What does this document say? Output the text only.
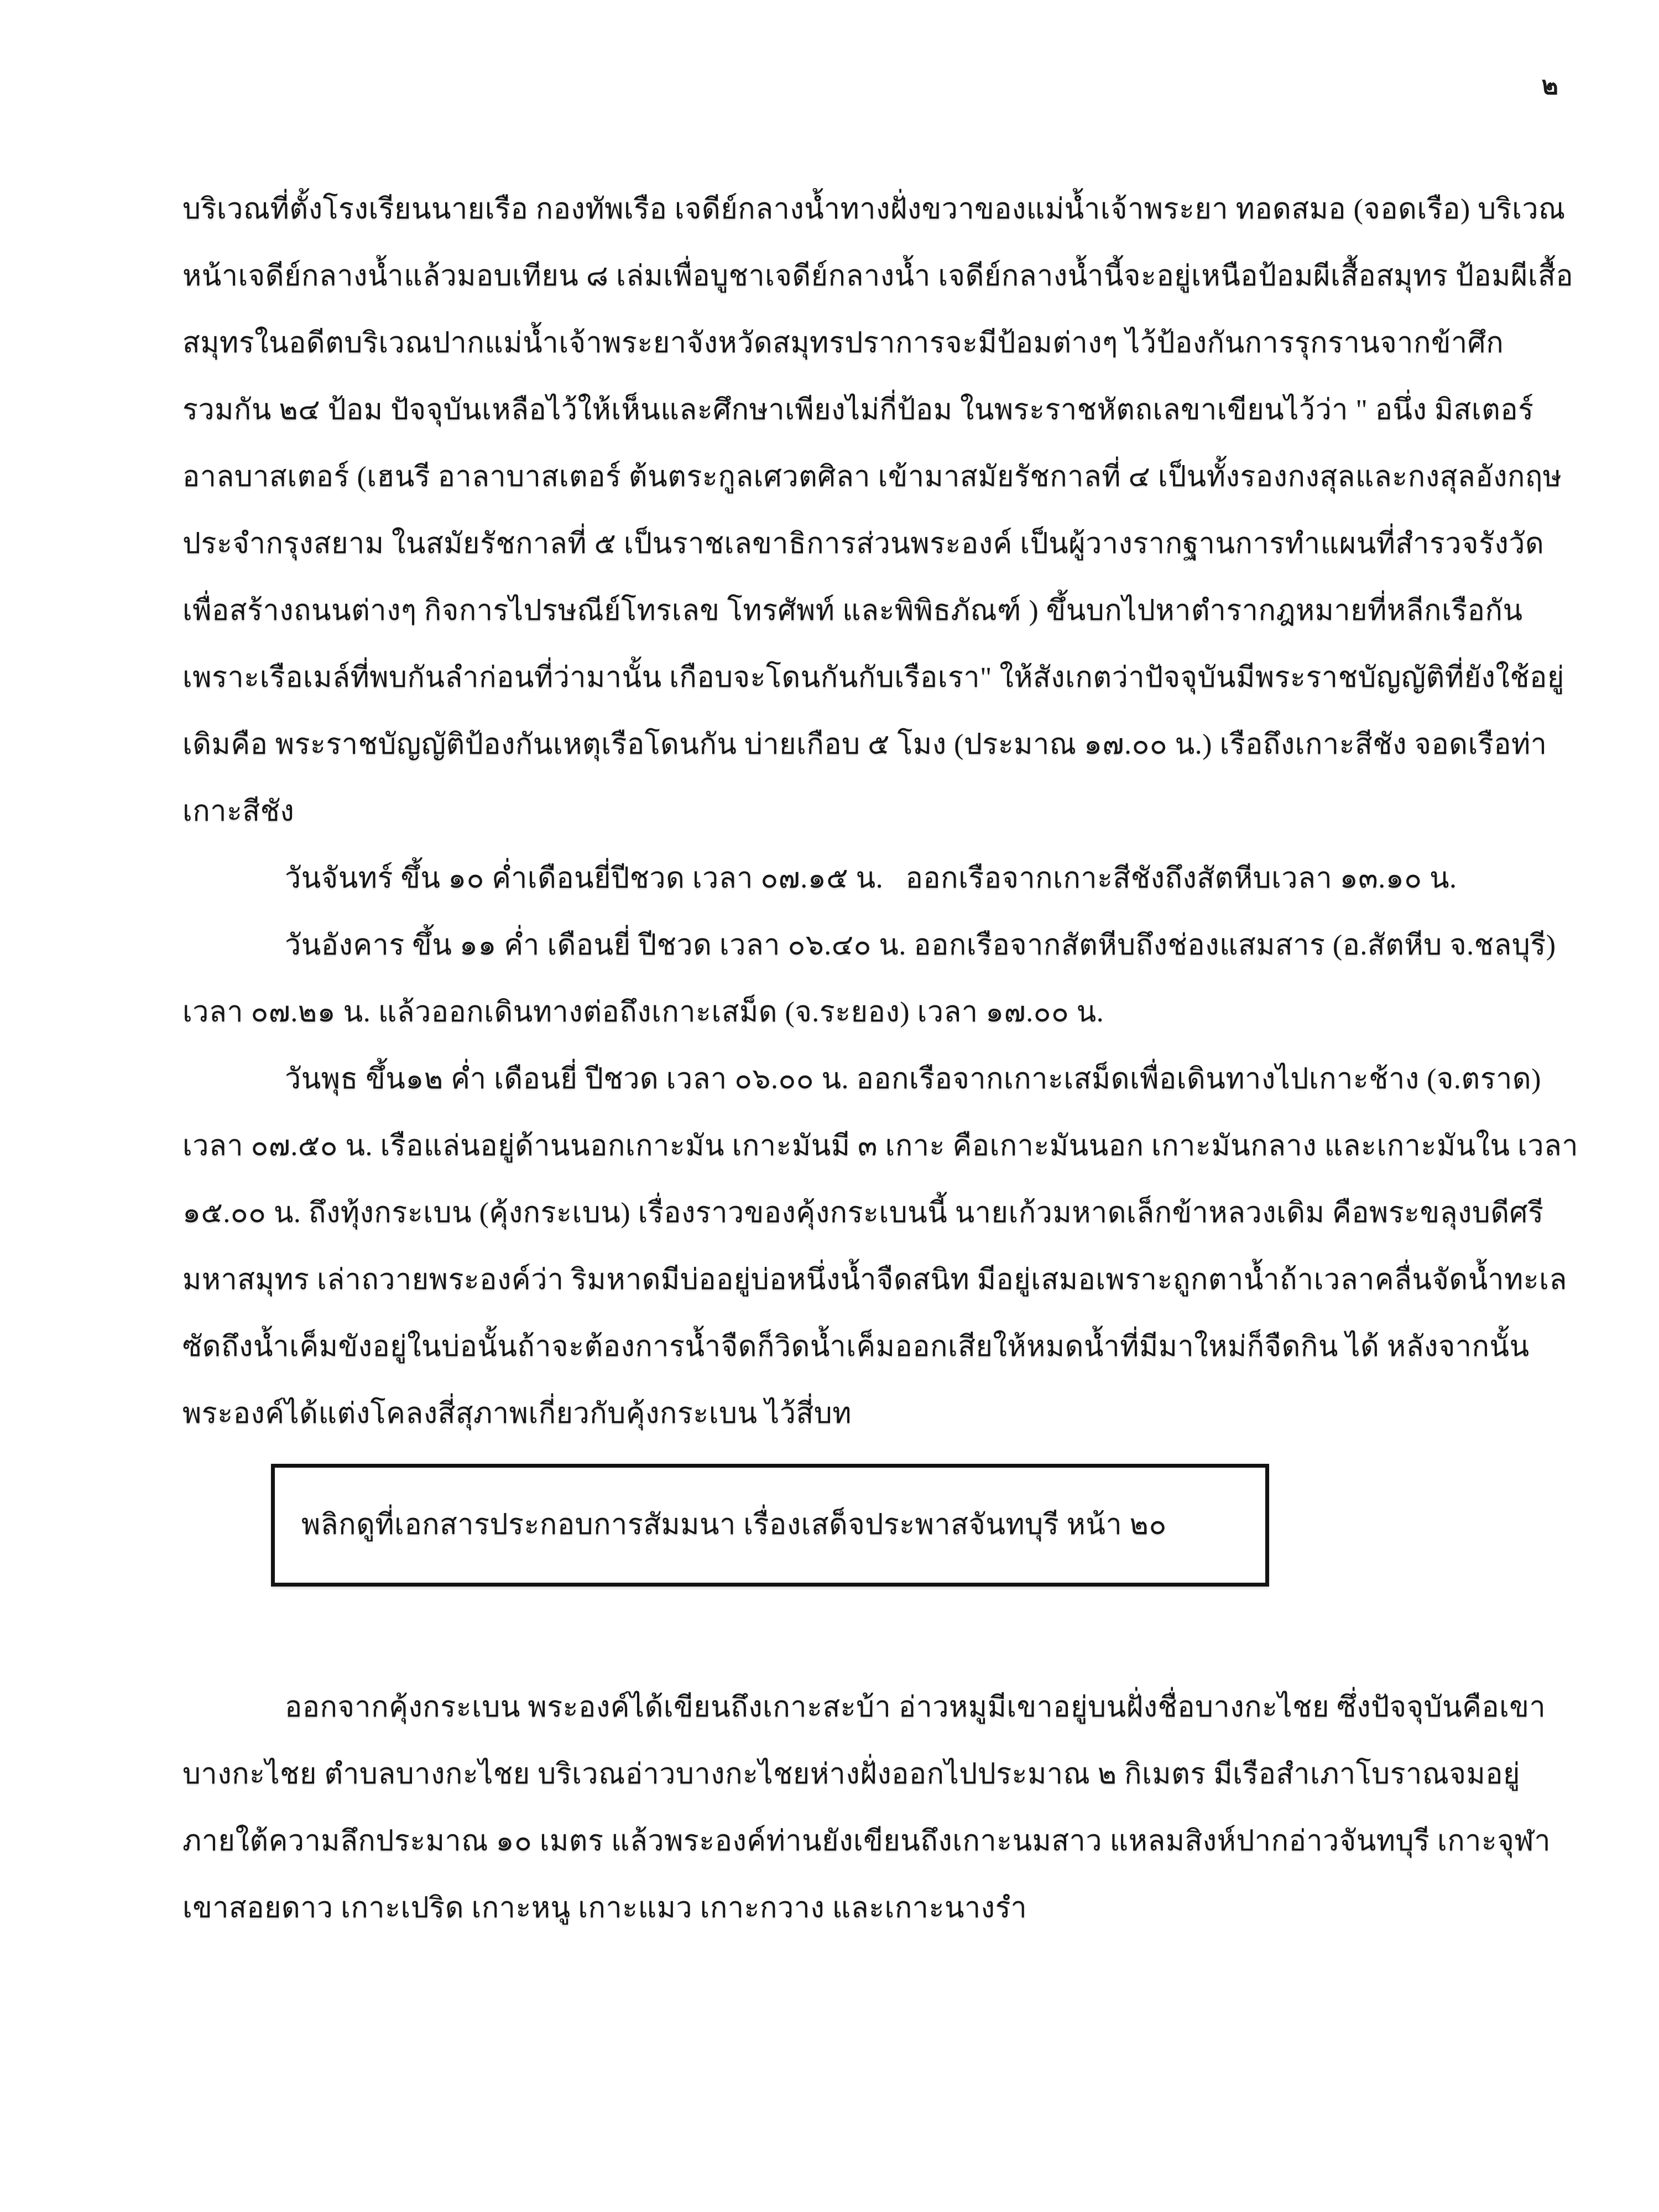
๒
บริเวณที่ตั้งโรงเรียนนายเรือ กองทัพเรือ เจดีย์กลางน้ำทางฝั่งขวาของแม่น้ำเจ้าพระยา ทอดสมอ (จอดเรือ) บริเวณ
หน้าเจดีย์กลางน้ำแล้วมอบเทียน ๘ เล่มเพื่อบูชาเจดีย์กลางน้ำ เจดีย์กลางน้ำนี้จะอยู่เหนือป้อมผีเสื้อสมุทร ป้อมผีเสื้อ
สมุทรในอดีตบริเวณปากแม่น้ำเจ้าพระยาจังหวัดสมุทรปราการจะมีป้อมต่างๆ ไว้ป้องกันการรุกรานจากข้าศึก
รวมกัน ๒๔ ป้อม ปัจจุบันเหลือไว้ให้เห็นและศึกษาเพียงไม่กี่ป้อม ในพระราชหัตถเลขาเขียนไว้ว่า " อนึ่ง มิสเตอร์
อาลบาสเตอร์ (เฮนรี อาลาบาสเตอร์ ต้นตระกูลเศวตศิลา เข้ามาสมัยรัชกาลที่ ๔ เป็นทั้งรองกงสุลและกงสุลอังกฤษ
ประจำกรุงสยาม ในสมัยรัชกาลที่ ๕ เป็นราชเลขาธิการส่วนพระองค์ เป็นผู้วางรากฐานการทำแผนที่สำรวจรังวัด
เพื่อสร้างถนนต่างๆ กิจการไปรษณีย์โทรเลข โทรศัพท์ และพิพิธภัณฑ์ ) ขึ้นบกไปหาตำรากฎหมายที่หลีกเรือกัน
เพราะเรือเมล์ที่พบกันลำก่อนที่ว่ามานั้น เกือบจะโดนกันกับเรือเรา" ให้สังเกตว่าปัจจุบันมีพระราชบัญญัติที่ยังใช้อยู่
เดิมคือ พระราชบัญญัติป้องกันเหตุเรือโดนกัน บ่ายเกือบ ๕ โมง (ประมาณ ๑๗.๐๐ น.) เรือถึงเกาะสีชัง จอดเรือท่า
เกาะสีชัง
วันจันทร์ ขึ้น ๑๐ ค่ำเดือนยี่ปีชวด เวลา ๐๗.๑๕ น.   ออกเรือจากเกาะสีชังถึงสัตหีบเวลา ๑๓.๑๐ น.
วันอังคาร ขึ้น ๑๑ ค่ำ เดือนยี่ ปีชวด เวลา ๐๖.๔๐ น. ออกเรือจากสัตหีบถึงช่องแสมสาร (อ.สัตหีบ จ.ชลบุรี)
เวลา ๐๗.๒๑ น. แล้วออกเดินทางต่อถึงเกาะเสม็ด (จ.ระยอง) เวลา ๑๗.๐๐ น.
วันพุธ ขึ้น๑๒ ค่ำ เดือนยี่ ปีชวด เวลา ๐๖.๐๐ น. ออกเรือจากเกาะเสม็ดเพื่อเดินทางไปเกาะช้าง (จ.ตราด)
เวลา ๐๗.๕๐ น. เรือแล่นอยู่ด้านนอกเกาะมัน เกาะมันมี ๓ เกาะ คือเกาะมันนอก เกาะมันกลาง และเกาะมันใน เวลา
๑๕.๐๐ น. ถึงทุ้งกระเบน (คุ้งกระเบน) เรื่องราวของคุ้งกระเบนนี้ นายเก้วมหาดเล็กข้าหลวงเดิม คือพระขลุงบดีศรี
มหาสมุทร เล่าถวายพระองค์ว่า ริมหาดมีบ่ออยู่บ่อหนึ่งน้ำจืดสนิท มีอยู่เสมอเพราะถูกตาน้ำถ้าเวลาคลื่นจัดน้ำทะเล
ซัดถึงน้ำเค็มขังอยู่ในบ่อนั้นถ้าจะต้องการน้ำจืดก็วิดน้ำเค็มออกเสียให้หมดน้ำที่มีมาใหม่ก็จืดกิน ได้ หลังจากนั้น
พระองค์ได้แต่งโคลงสี่สุภาพเกี่ยวกับคุ้งกระเบน ไว้สี่บท
พลิกดูที่เอกสารประกอบการสัมมนา เรื่องเสด็จประพาสจันทบุรี หน้า ๒๐
ออกจากคุ้งกระเบน พระองค์ได้เขียนถึงเกาะสะบ้า อ่าวหมูมีเขาอยู่บนฝั่งชื่อบางกะไชย ซึ่งปัจจุบันคือเขา
บางกะไชย ตำบลบางกะไชย บริเวณอ่าวบางกะไชยห่างฝั่งออกไปประมาณ ๒ กิเมตร มีเรือสำเภาโบราณจมอยู่
ภายใต้ความลึกประมาณ ๑๐ เมตร แล้วพระองค์ท่านยังเขียนถึงเกาะนมสาว แหลมสิงห์ปากอ่าวจันทบุรี เกาะจุฬา
เขาสอยดาว เกาะเปริด เกาะหนู เกาะแมว เกาะกวาง และเกาะนางรำ
